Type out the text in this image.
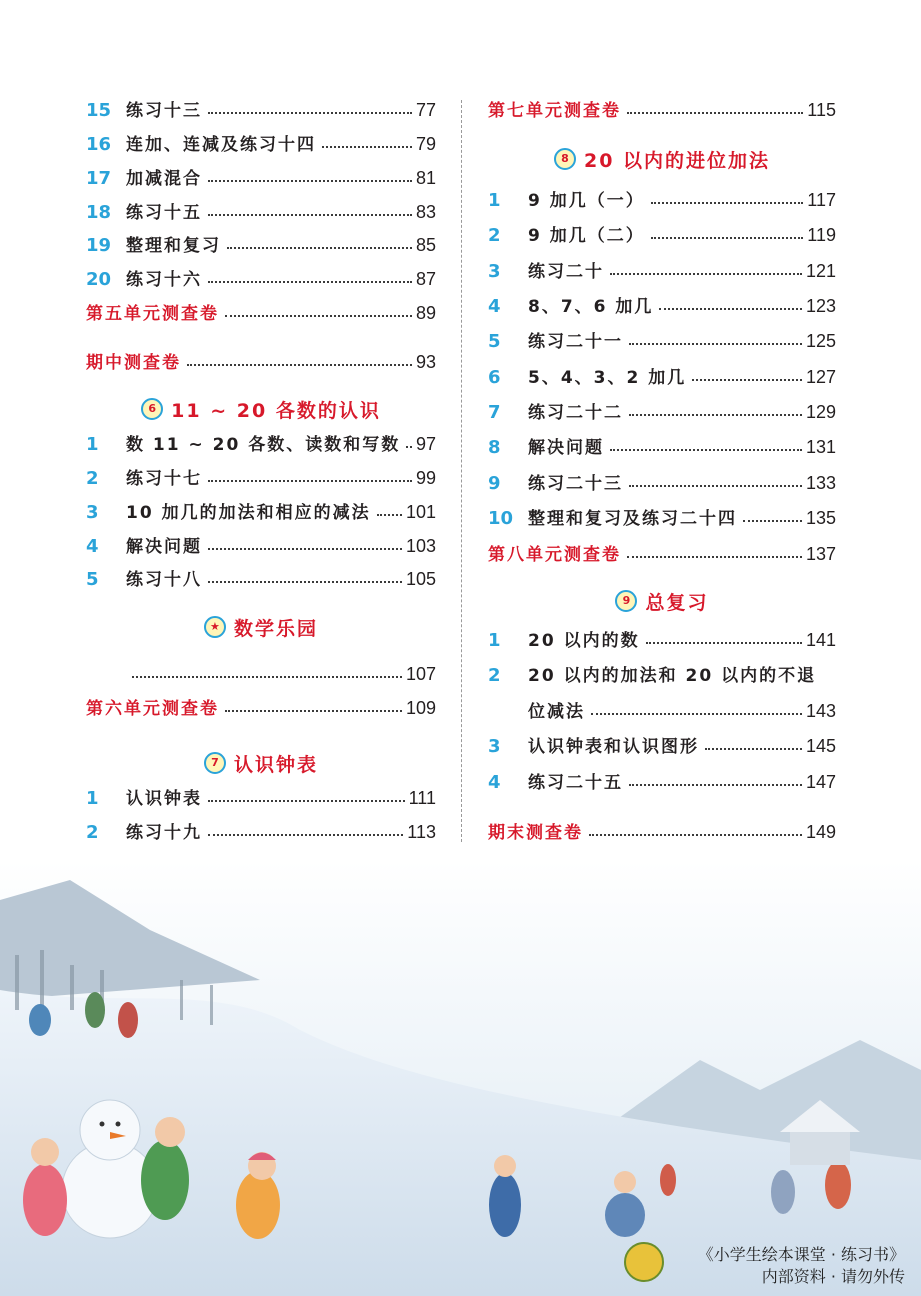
15 练习十三	77
16 连加、连减及练习十四	79
17 加减混合	81
18 练习十五	83
19 整理和复习	85
20 练习十六	87
第五单元测查卷	89
期中测查卷	93
6 11 ~ 20 各数的认识
1	数 11 ~ 20 各数、读数和写数 97
2	练习十七	99
3	10 加几的加法和相应的减法 101
4	解决问题	103
5	练习十八	105
★ 数学乐园
107
第六单元测查卷	109
7 认识钟表
1	认识钟表	111
2	练习十九	113
第七单元测查卷	115
8 20 以内的进位加法
1	9 加几（一）	117
2	9 加几（二）	119
3	练习二十	121
4	8、7、6 加几	123
5	练习二十一	125
6	5、4、3、2 加几	127
7	练习二十二	129
8	解决问题	131
9	练习二十三	133
10 整理和复习及练习二十四	135
第八单元测查卷	137
9 总复习
1	20 以内的数	141
2	20 以内的加法和 20 以内的不退
位减法	143
3	认识钟表和认识图形	145
4	练习二十五	147
期末测查卷	149
《小学生绘本课堂 · 练习书》
内部资料 · 请勿外传
